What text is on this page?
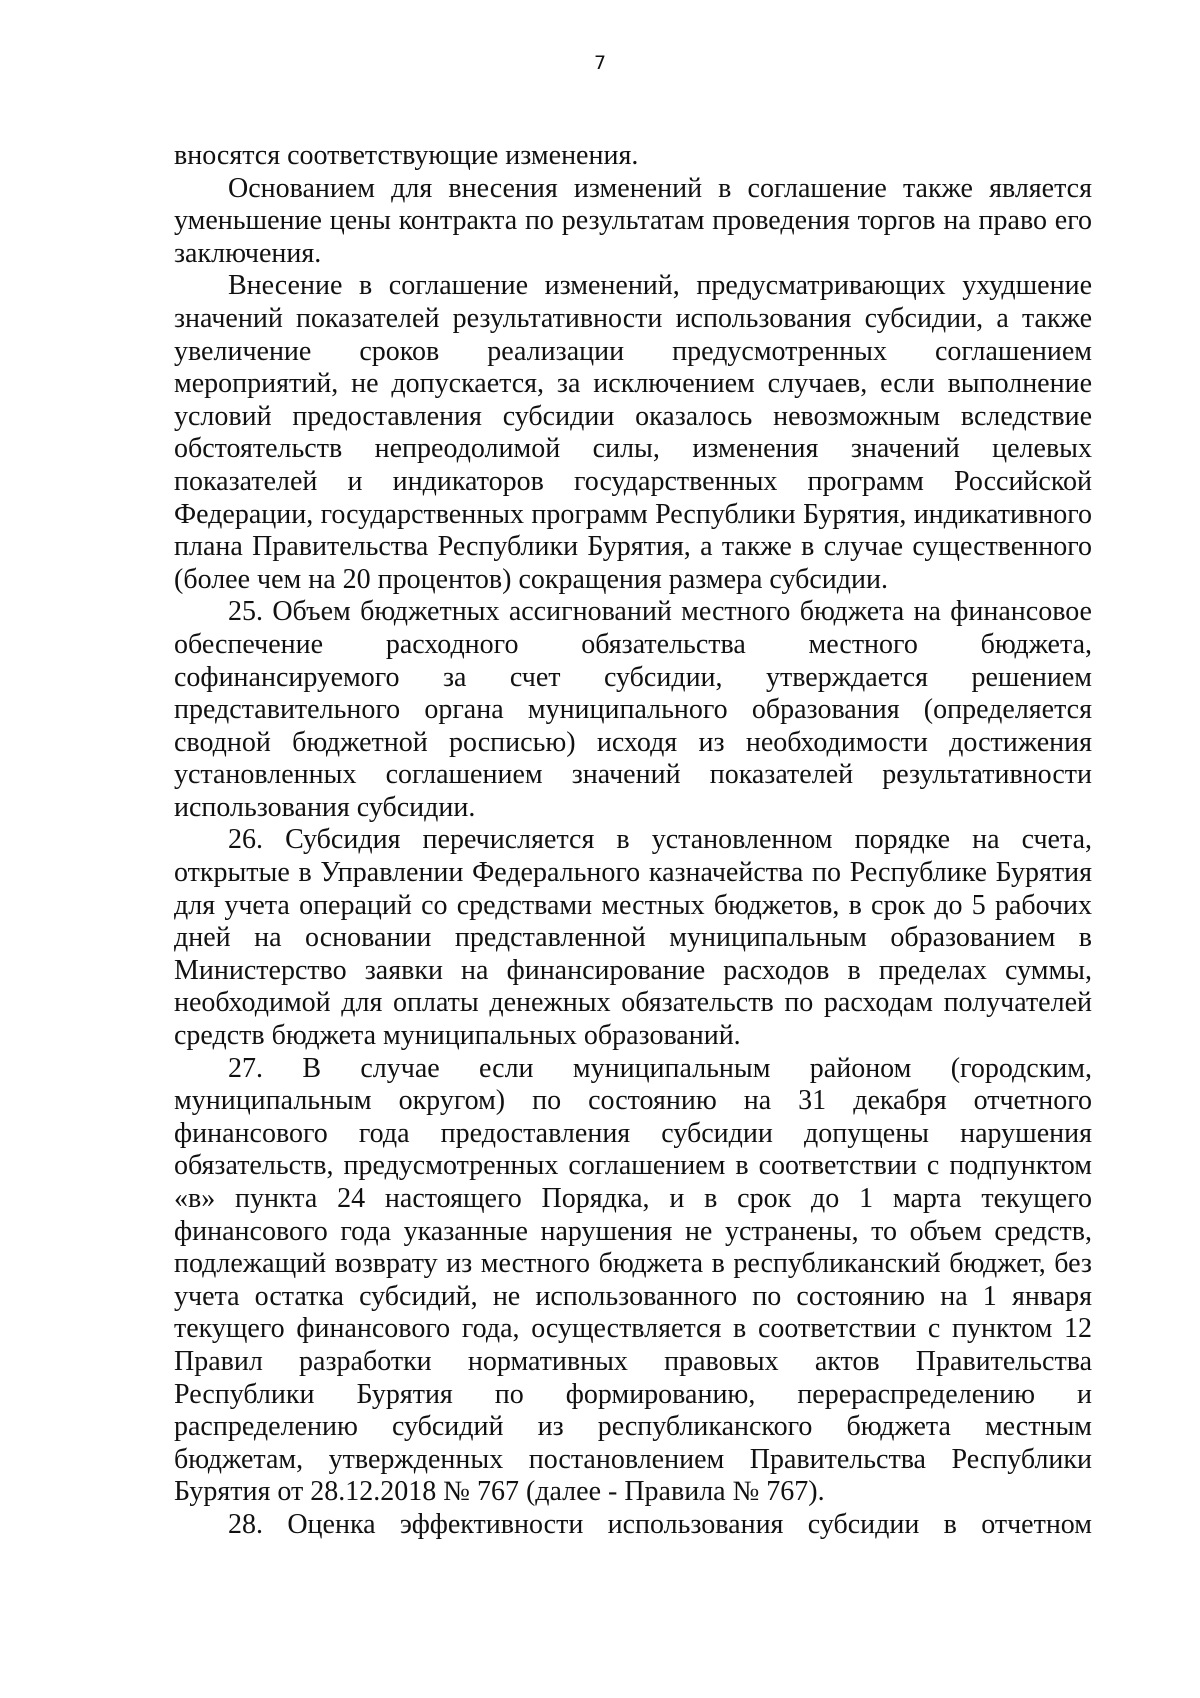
7

вносятся соответствующие изменения.

Основанием для внесения изменений в соглашение также является уменьшение цены контракта по результатам проведения торгов на право его заключения.

Внесение в соглашение изменений, предусматривающих ухудшение значений показателей результативности использования субсидии, а также увеличение сроков реализации предусмотренных соглашением мероприятий, не допускается, за исключением случаев, если выполнение условий предоставления субсидии оказалось невозможным вследствие обстоятельств непреодолимой силы, изменения значений целевых показателей и индикаторов государственных программ Российской Федерации, государственных программ Республики Бурятия, индикативного плана Правительства Республики Бурятия, а также в случае существенного (более чем на 20 процентов) сокращения размера субсидии.

25. Объем бюджетных ассигнований местного бюджета на финансовое обеспечение расходного обязательства местного бюджета, софинансируемого за счет субсидии, утверждается решением представительного органа муниципального образования (определяется сводной бюджетной росписью) исходя из необходимости достижения установленных соглашением значений показателей результативности использования субсидии.

26. Субсидия перечисляется в установленном порядке на счета, открытые в Управлении Федерального казначейства по Республике Бурятия для учета операций со средствами местных бюджетов, в срок до 5 рабочих дней на основании представленной муниципальным образованием в Министерство заявки на финансирование расходов в пределах суммы, необходимой для оплаты денежных обязательств по расходам получателей средств бюджета муниципальных образований.

27. В случае если муниципальным районом (городским, муниципальным округом) по состоянию на 31 декабря отчетного финансового года предоставления субсидии допущены нарушения обязательств, предусмотренных соглашением в соответствии с подпунктом «в» пункта 24 настоящего Порядка, и в срок до 1 марта текущего финансового года указанные нарушения не устранены, то объем средств, подлежащий возврату из местного бюджета в республиканский бюджет, без учета остатка субсидий, не использованного по состоянию на 1 января текущего финансового года, осуществляется в соответствии с пунктом 12 Правил разработки нормативных правовых актов Правительства Республики Бурятия по формированию, перераспределению и распределению субсидий из республиканского бюджета местным бюджетам, утвержденных постановлением Правительства Республики Бурятия от 28.12.2018 № 767 (далее - Правила № 767).

28. Оценка эффективности использования субсидии в отчетном
